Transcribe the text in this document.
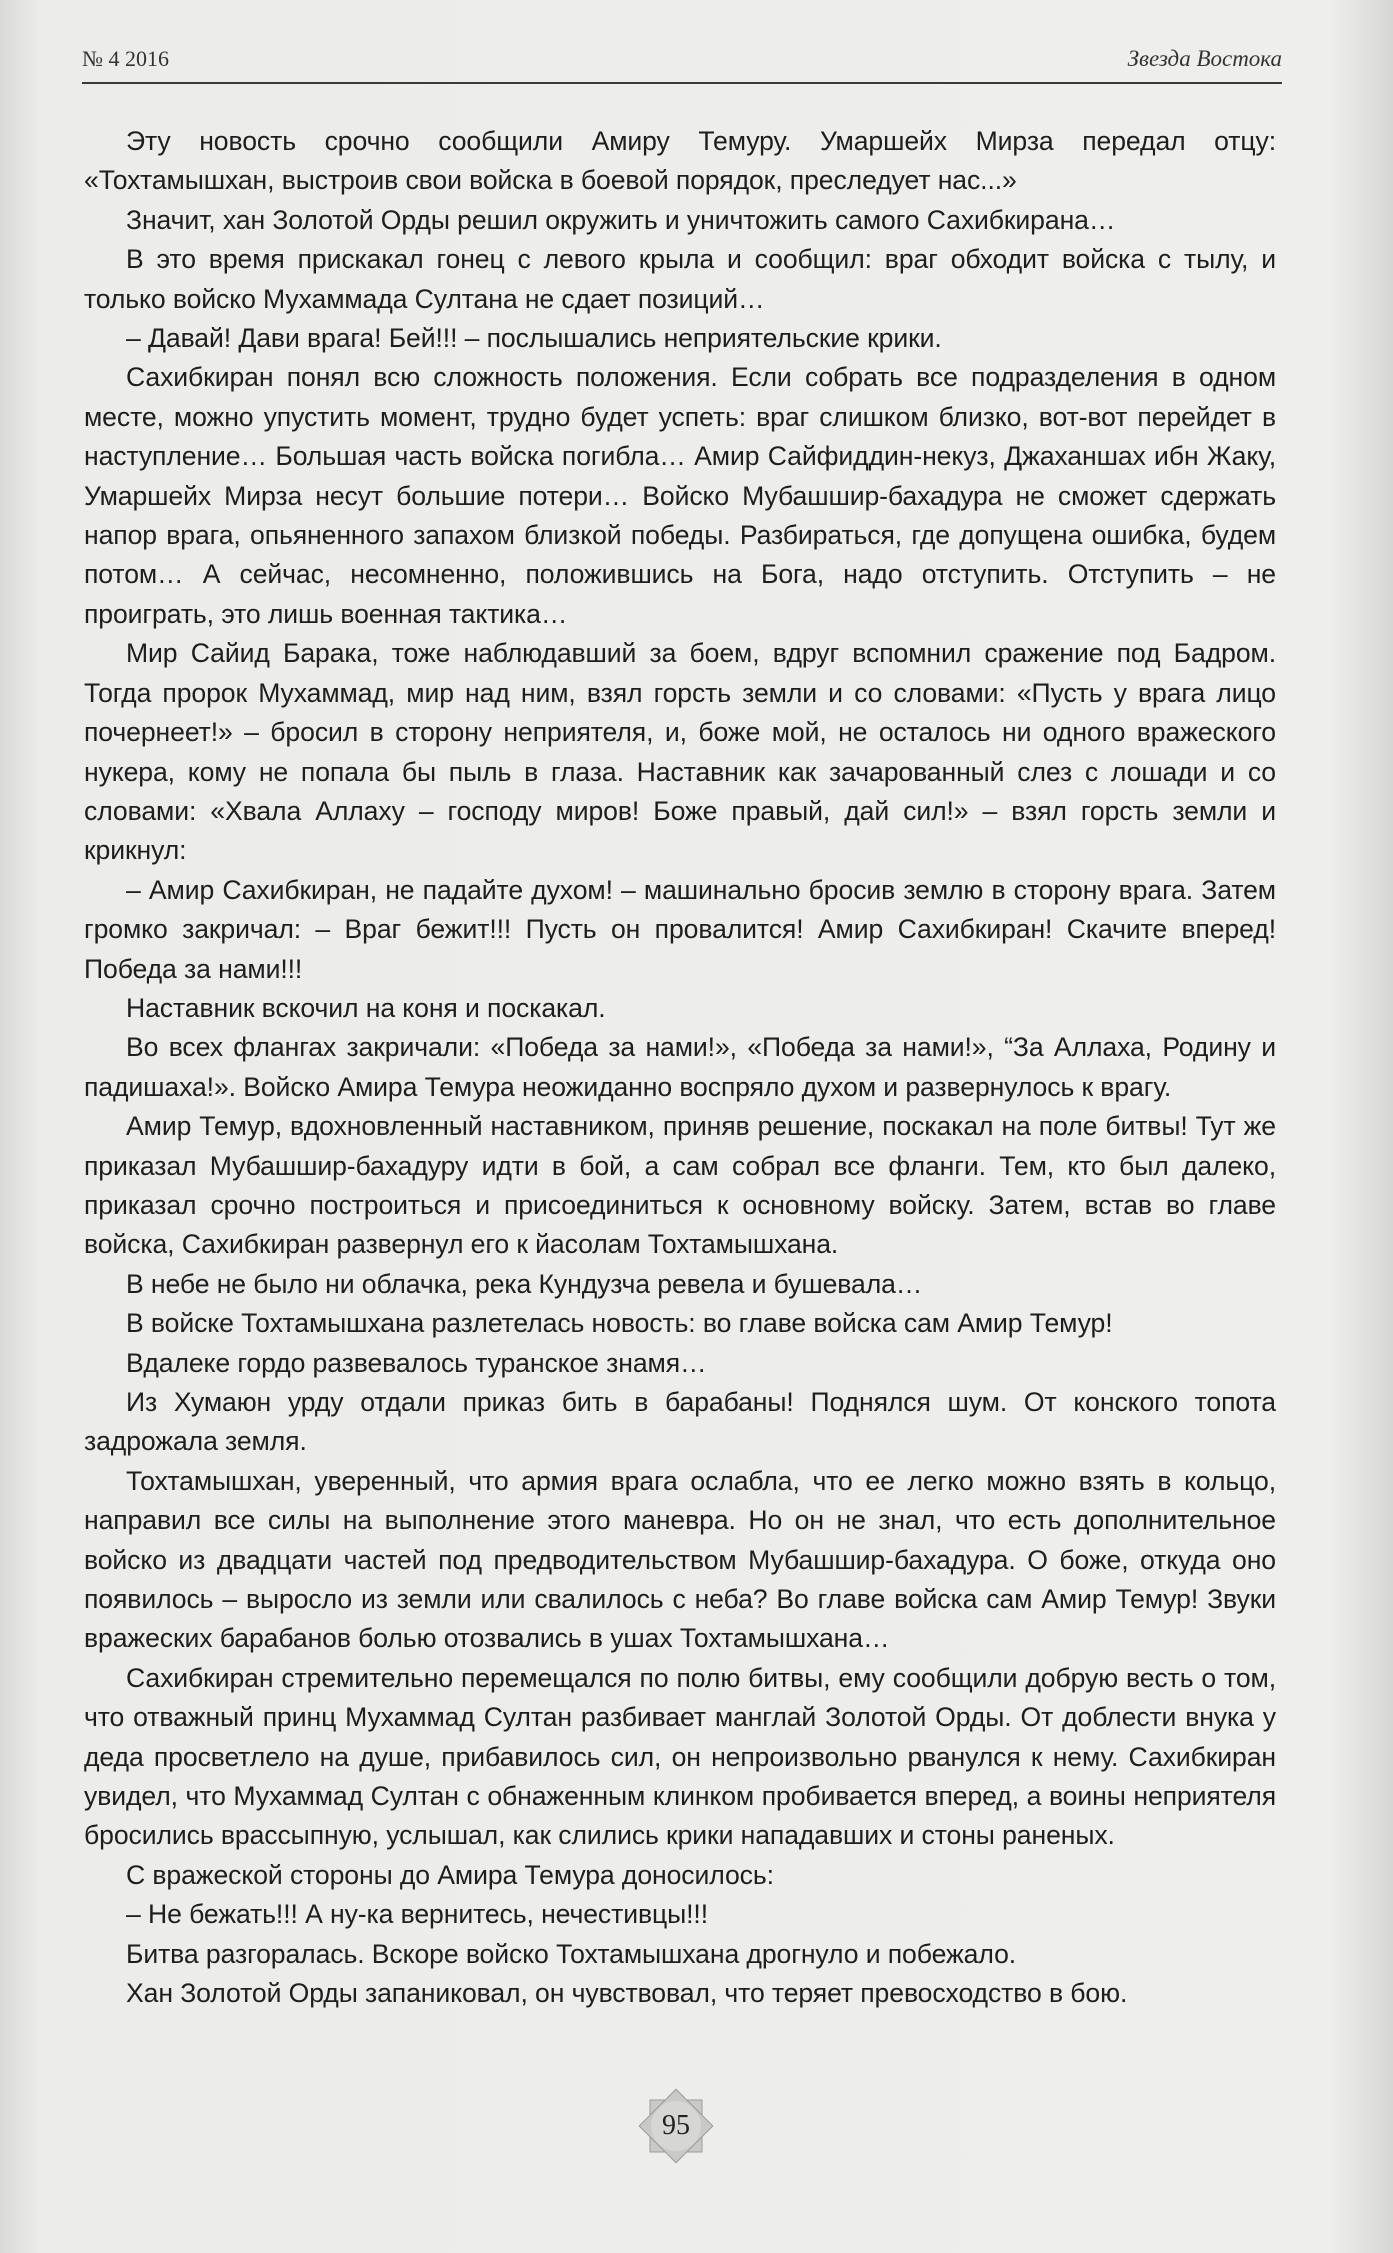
№ 4 2016	Звезда Востока

Эту новость срочно сообщили Амиру Темуру. Умаршейх Мирза передал отцу: «Тохтамышхан, выстроив свои войска в боевой порядок, преследует нас...»

Значит, хан Золотой Орды решил окружить и уничтожить самого Сахибкирана…

В это время прискакал гонец с левого крыла и сообщил: враг обходит войска с тылу, и только войско Мухаммада Султана не сдает позиций…

– Давай! Дави врага! Бей!!! – послышались неприятельские крики.

Сахибкиран понял всю сложность положения. Если собрать все подразделения в одном месте, можно упустить момент, трудно будет успеть: враг слишком близко, вот-вот перейдет в наступление… Большая часть войска погибла… Амир Сайфиддин-некуз, Джаханшах ибн Жаку, Умаршейх Мирза несут большие потери… Войско Мубашшир-бахадура не сможет сдержать напор врага, опьяненного запахом близкой победы. Разбираться, где допущена ошибка, будем потом… А сейчас, несомненно, положившись на Бога, надо отступить. Отступить – не проиграть, это лишь военная тактика…

Мир Сайид Барака, тоже наблюдавший за боем, вдруг вспомнил сражение под Бадром. Тогда пророк Мухаммад, мир над ним, взял горсть земли и со словами: «Пусть у врага лицо почернеет!» – бросил в сторону неприятеля, и, боже мой, не осталось ни одного вражеского нукера, кому не попала бы пыль в глаза. Наставник как зачарованный слез с лошади и со словами: «Хвала Аллаху – господу миров! Боже правый, дай сил!» – взял горсть земли и крикнул:

– Амир Сахибкиран, не падайте духом! – машинально бросив землю в сторону врага. Затем громко закричал: – Враг бежит!!! Пусть он провалится! Амир Сахибкиран! Скачите вперед! Победа за нами!!!

Наставник вскочил на коня и поскакал.

Во всех флангах закричали: «Победа за нами!», «Победа за нами!», “За Аллаха, Родину и падишаха!». Войско Амира Темура неожиданно воспряло духом и развернулось к врагу.

Амир Темур, вдохновленный наставником, приняв решение, поскакал на поле битвы! Тут же приказал Мубашшир-бахадуру идти в бой, а сам собрал все фланги. Тем, кто был далеко, приказал срочно построиться и присоединиться к основному войску. Затем, встав во главе войска, Сахибкиран развернул его к йасолам Тохтамышхана.

В небе не было ни облачка, река Кундузча ревела и бушевала…

В войске Тохтамышхана разлетелась новость: во главе войска сам Амир Темур!

Вдалеке гордо развевалось туранское знамя…

Из Хумаюн урду отдали приказ бить в барабаны! Поднялся шум. От конского топота задрожала земля.

Тохтамышхан, уверенный, что армия врага ослабла, что ее легко можно взять в кольцо, направил все силы на выполнение этого маневра. Но он не знал, что есть дополнительное войско из двадцати частей под предводительством Мубашшир-бахадура. О боже, откуда оно появилось – выросло из земли или свалилось с неба? Во главе войска сам Амир Темур! Звуки вражеских барабанов болью отозвались в ушах Тохтамышхана…

Сахибкиран стремительно перемещался по полю битвы, ему сообщили добрую весть о том, что отважный принц Мухаммад Султан разбивает манглай Золотой Орды. От доблести внука у деда просветлело на душе, прибавилось сил, он непроизвольно рванулся к нему. Сахибкиран увидел, что Мухаммад Султан с обнаженным клинком пробивается вперед, а воины неприятеля бросились врассыпную, услышал, как слились крики нападавших и стоны раненых.

С вражеской стороны до Амира Темура доносилось:

– Не бежать!!! А ну-ка вернитесь, нечестивцы!!!

Битва разгоралась. Вскоре войско Тохтамышхана дрогнуло и побежало.

Хан Золотой Орды запаниковал, он чувствовал, что теряет превосходство в бою.

95
